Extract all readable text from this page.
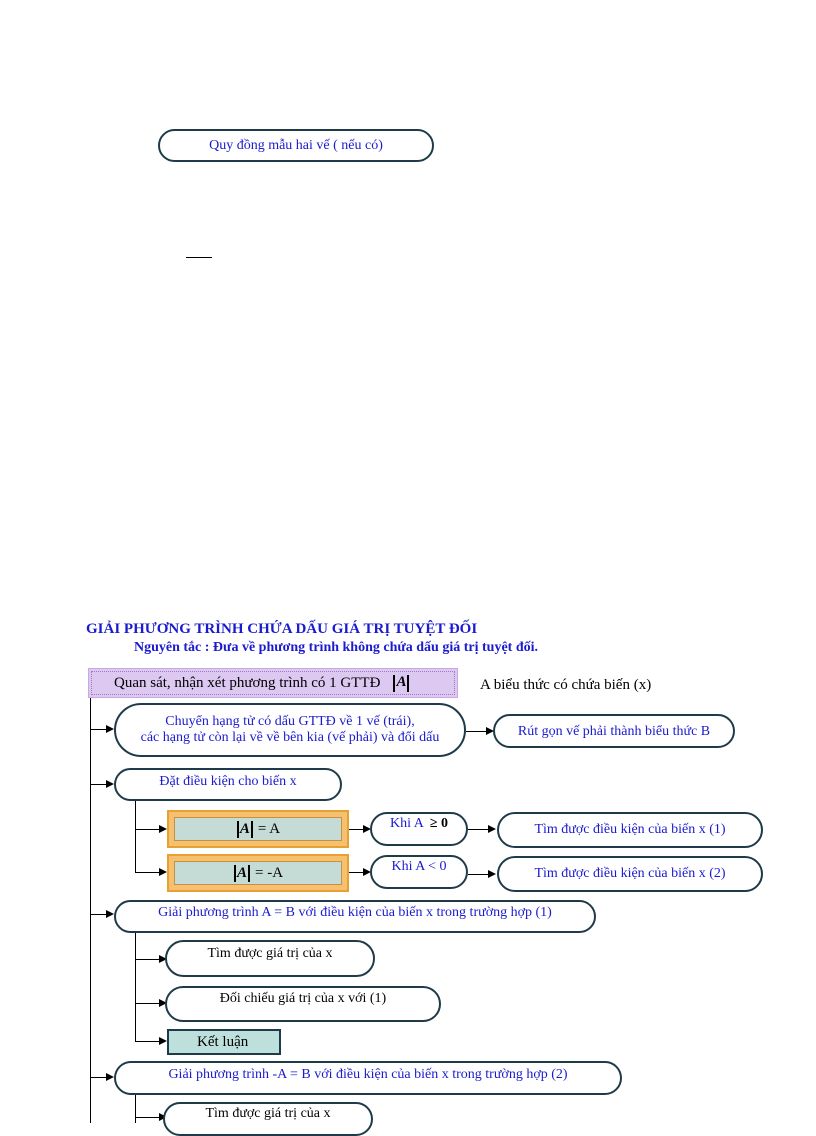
Quy đồng mẫu hai vế ( nếu có)
GIẢI PHƯƠNG TRÌNH CHỨA DẤU GIÁ TRỊ TUYỆT ĐỐI
Nguyên tắc : Đưa về phương trình không chứa dấu giá trị tuyệt đối.
Quan sát, nhận xét phương trình có 1 GTTĐ A	A biểu thức có chứa biến (x)
Chuyển hạng tử có dấu GTTĐ về 1 vế (trái),
các hạng tử còn lại về về bên kia (vế phải) và đổi dấu	Rút gọn vế phải thành biểu thức B
Đặt điều kiện cho biến x
A = A	Khi A ≥ 0	Tìm được điều kiện của biến x (1)
A = -A	Khi A < 0	Tìm được điều kiện của biến x (2)
Giải phương trình A = B với điều kiện của biến x trong trường hợp (1)
Tìm được giá trị của x
Đối chiếu giá trị của x với (1)
Kết luận
Giải phương trình -A = B với điều kiện của biến x trong trường hợp (2)
Tìm được giá trị của x
